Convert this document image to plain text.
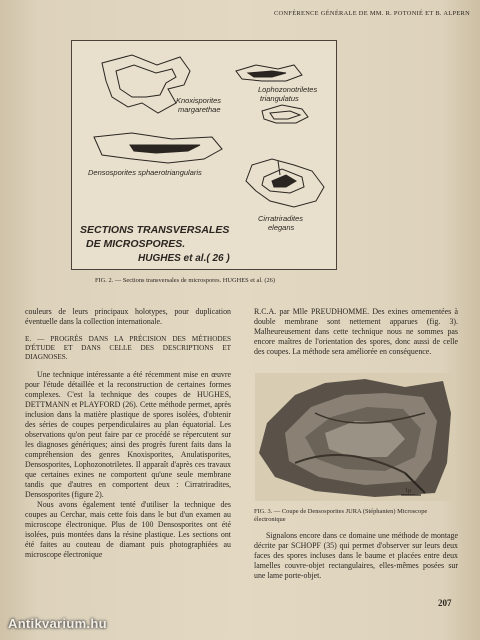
CONFÉRENCE GÉNÉRALE DE MM. R. POTONIÉ ET B. ALPERN
Knoxisporites
margarethae
Lophozonotriletes
triangulatus
Densosporites sphaerotriangularis
Cirratriradites
elegans
SECTIONS TRANSVERSALES
DE MICROSPORES.
HUGHES et al.( 26 )
FIG. 2. — Sections transversales de microspores. HUGHES et al. (26)

couleurs de leurs principaux holotypes, pour duplication éventuelle dans la collection internationale.

E. — PROGRÈS DANS LA PRÉCISION DES MÉTHODES D'ÉTUDE ET DANS CELLE DES DESCRIPTIONS ET DIAGNOSES.

Une technique intéressante a été récemment mise en œuvre pour l'étude détaillée et la reconstruction de certaines formes complexes. C'est la technique des coupes de HUGHES, DETTMANN et PLAYFORD (26). Cette méthode permet, après inclusion dans la matière plastique de spores isolées, d'obtenir des séries de coupes perpendiculaires au plan équatorial. Les observations qu'on peut faire par ce procédé se répercutent sur les diagnoses génériques; ainsi des progrès furent faits dans la compréhension des genres Knoxisporites, Anulatisporites, Densosporites, Lophozonotriletes. Il apparaît d'après ces travaux que certaines exines ne comportent qu'une seule membrane tandis que d'autres en comportent deux : Cirratriradites, Densosporites (figure 2).

Nous avons également tenté d'utiliser la technique des coupes au Cerchar, mais cette fois dans le but d'un examen au microscope électronique. Plus de 100 Densosporites ont été isolées, puis montées dans la résine plastique. Les sections ont été faites au couteau de diamant puis photographiées au microscope électronique

R.C.A. par Mlle PREUDHOMME. Des exines ornementées à double membrane sont nettement apparues (fig. 3). Malheureusement dans cette technique nous ne sommes pas encore maîtres de l'orientation des spores, donc aussi de celle des coupes. La méthode sera améliorée en conséquence.

1μ
FIG. 3. — Coupe de Densosporites JURA (Stéphanien) Microscope électronique

Signalons encore dans ce domaine une méthode de montage décrite par SCHOPF (35) qui permet d'observer sur leurs deux faces des spores incluses dans le baume et placées entre deux lamelles couvre-objet rectangulaires, elles-mêmes posées sur une lame porte-objet.

207
Antikvarium.hu
